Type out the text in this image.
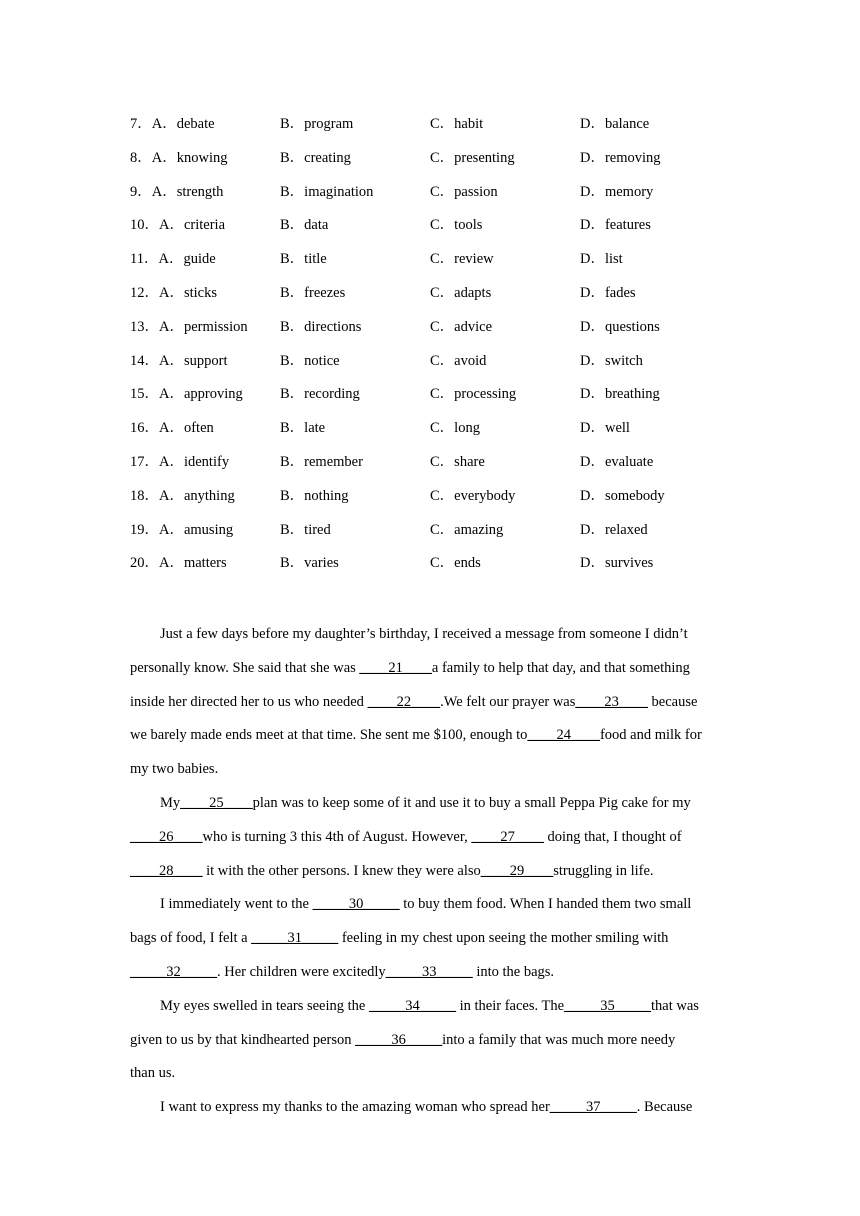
7．A．debate	B．program	C．habit	D．balance
8．A．knowing	B．creating	C．presenting	D．removing
9．A．strength	B．imagination	C．passion	D．memory
10．A．criteria	B．data	C．tools	D．features
11．A．guide	B．title	C．review	D．list
12．A．sticks	B．freezes	C．adapts	D．fades
13．A．permission B．directions	C．advice	D．questions
14．A．support	B．notice	C．avoid	D．switch
15．A．approving	B．recording	C．processing	D．breathing
16．A．often	B．late	C．long	D．well
17．A．identify	B．remember	C．share	D．evaluate
18．A．anything	B．nothing	C．everybody	D．somebody
19．A．amusing	B．tired	C．amazing	D．relaxed
20．A．matters	B．varies	C．ends	D．survives
Just a few days before my daughter’s birthday, I received a message from someone I didn’t
personally know. She said that she was ____21____a family to help that day, and that something
inside her directed her to us who needed ____22____.We felt our prayer was____23____ because
we barely made ends meet at that time. She sent me $100, enough to____24____food and milk for
my two babies.
My____25____plan was to keep some of it and use it to buy a small Peppa Pig cake for my
____26____who is turning 3 this 4th of August. However, ____27____ doing that, I thought of
____28____ it with the other persons. I knew they were also____29____struggling in life.
I immediately went to the _____30_____ to buy them food. When I handed them two small
bags of food, I felt a _____31_____ feeling in my chest upon seeing the mother smiling with
_____32_____. Her children were excitedly_____33_____ into the bags.
My eyes swelled in tears seeing the _____34_____ in their faces. The_____35_____that was
given to us by that kindhearted person _____36_____into a family that was much more needy
than us.
I want to express my thanks to the amazing woman who spread her_____37_____. Because
